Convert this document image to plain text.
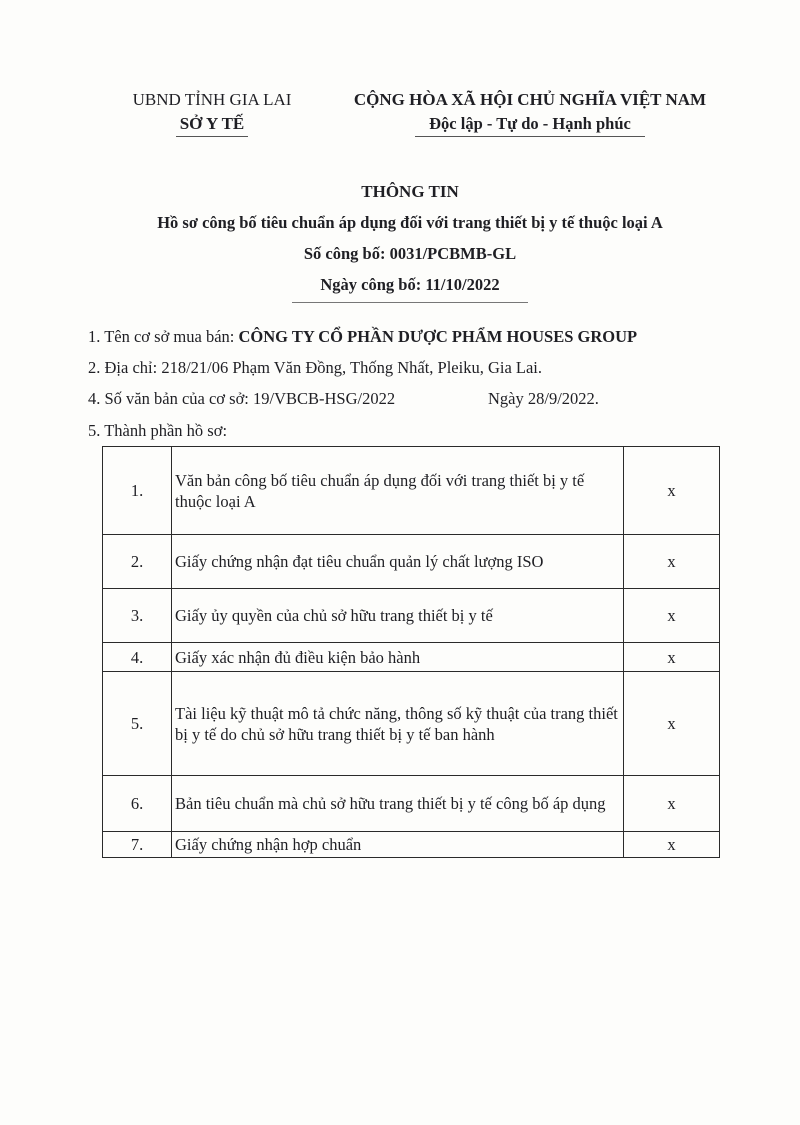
UBND TỈNH GIA LAI
SỞ Y TẾ
CỘNG HÒA XÃ HỘI CHỦ NGHĨA VIỆT NAM
Độc lập - Tự do - Hạnh phúc
THÔNG TIN
Hồ sơ công bố tiêu chuẩn áp dụng đối với trang thiết bị y tế thuộc loại A
Số công bố: 0031/PCBMB-GL
Ngày công bố: 11/10/2022
1. Tên cơ sở mua bán: CÔNG TY CỔ PHẦN DƯỢC PHẨM HOUSES GROUP
2. Địa chỉ: 218/21/06 Phạm Văn Đồng, Thống Nhất, Pleiku, Gia Lai.
4. Số văn bản của cơ sở: 19/VBCB-HSG/2022	Ngày 28/9/2022.
5. Thành phần hồ sơ:
1.	Văn bản công bố tiêu chuẩn áp dụng đối với trang thiết bị y tế thuộc loại A	x
2.	Giấy chứng nhận đạt tiêu chuẩn quản lý chất lượng ISO	x
3.	Giấy ủy quyền của chủ sở hữu trang thiết bị y tế	x
4.	Giấy xác nhận đủ điều kiện bảo hành	x
5.	Tài liệu kỹ thuật mô tả chức năng, thông số kỹ thuật của trang thiết bị y tế do chủ sở hữu trang thiết bị y tế ban hành	x
6.	Bản tiêu chuẩn mà chủ sở hữu trang thiết bị y tế công bố áp dụng	x
7.	Giấy chứng nhận hợp chuẩn	x
